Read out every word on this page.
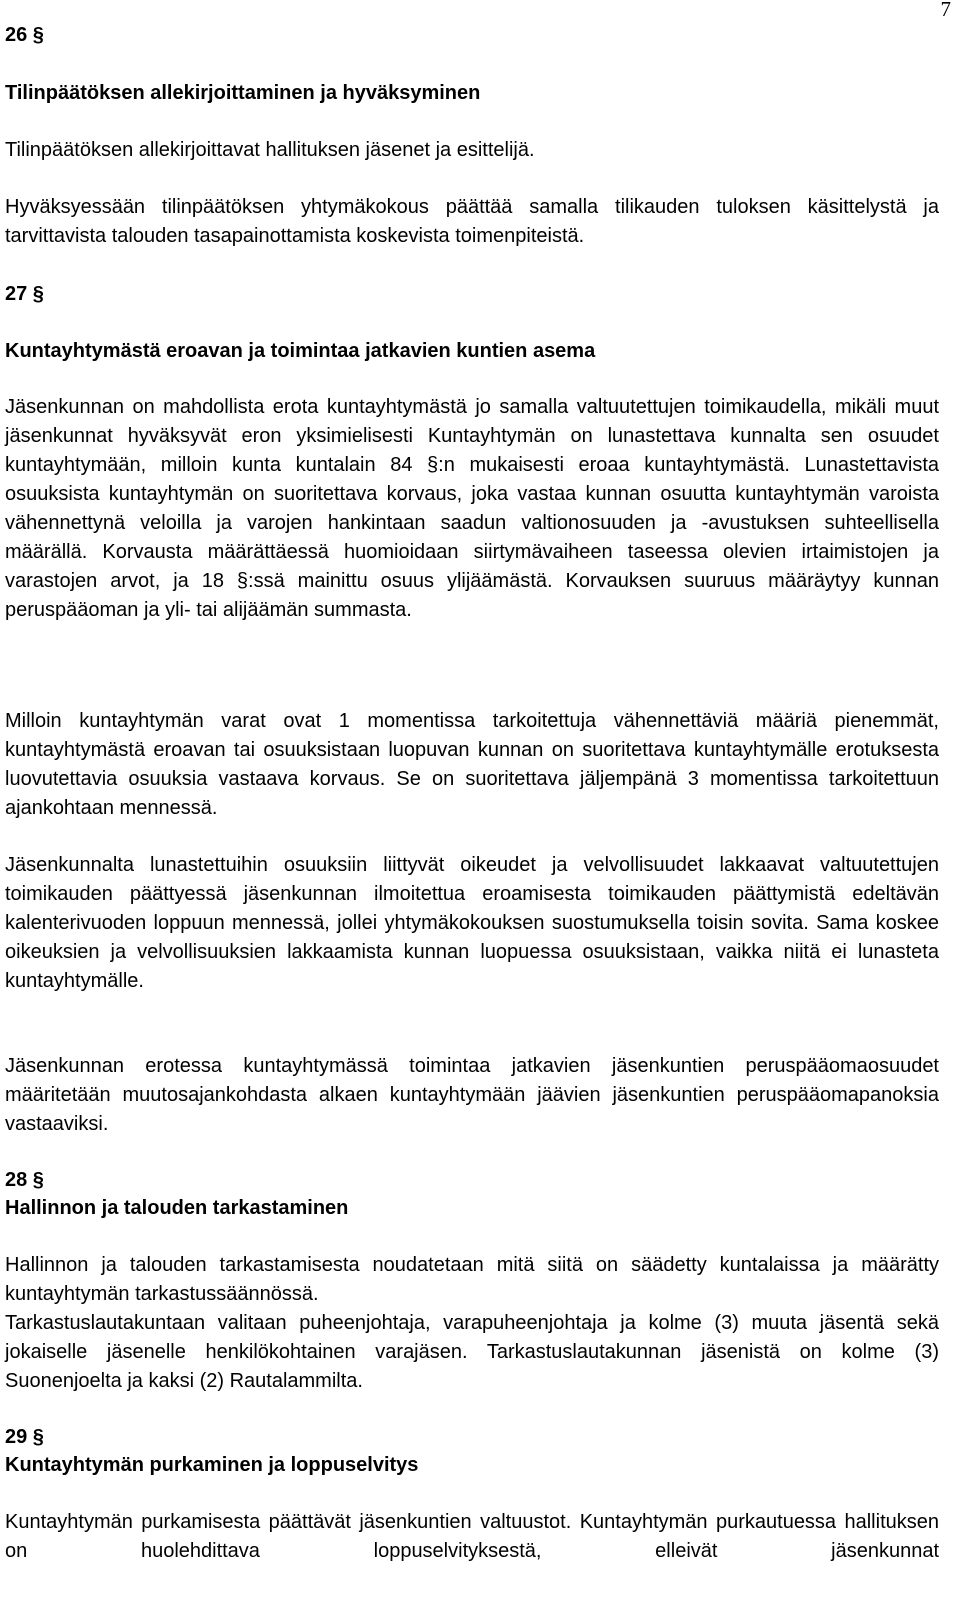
7
26 §
Tilinpäätöksen allekirjoittaminen ja hyväksyminen
Tilinpäätöksen allekirjoittavat hallituksen jäsenet ja esittelijä.
Hyväksyessään tilinpäätöksen yhtymäkokous päättää samalla tilikauden tuloksen käsittelystä ja tarvittavista talouden tasapainottamista koskevista toimenpiteistä.
27 §
Kuntayhtymästä eroavan ja toimintaa jatkavien kuntien asema
Jäsenkunnan on mahdollista erota kuntayhtymästä jo samalla valtuutettujen toimikaudella, mikäli muut jäsenkunnat hyväksyvät eron yksimielisesti Kuntayhtymän on lunastettava kunnalta sen osuudet kuntayhtymään, milloin kunta kuntalain 84 §:n mukaisesti eroaa kuntayhtymästä. Lunastettavista osuuksista kuntayhtymän on suoritettava korvaus, joka vastaa kunnan osuutta kuntayhtymän varoista vähennettynä veloilla ja varojen hankintaan saadun valtionosuuden ja -avustuksen suhteellisella määrällä. Korvausta määrättäessä huomioidaan siirtymävaiheen taseessa olevien irtaimistojen ja varastojen arvot, ja 18 §:ssä mainittu osuus ylijäämästä. Korvauksen suuruus määräytyy kunnan peruspääoman ja yli- tai alijäämän summasta.
Milloin kuntayhtymän varat ovat 1 momentissa tarkoitettuja vähennettäviä määriä pienemmät, kuntayhtymästä eroavan tai osuuksistaan luopuvan kunnan on suoritettava kuntayhtymälle erotuksesta luovutettavia osuuksia vastaava korvaus. Se on suoritettava jäljempänä 3 momentissa tarkoitettuun ajankohtaan mennessä.
Jäsenkunnalta lunastettuihin osuuksiin liittyvät oikeudet ja velvollisuudet lakkaavat valtuutettujen toimikauden päättyessä jäsenkunnan ilmoitettua eroamisesta toimikauden päättymistä edeltävän kalenterivuoden loppuun mennessä, jollei yhtymäkokouksen suostumuksella toisin sovita. Sama koskee oikeuksien ja velvollisuuksien lakkaamista kunnan luopuessa osuuksistaan, vaikka niitä ei lunasteta kuntayhtymälle.
Jäsenkunnan erotessa kuntayhtymässä toimintaa jatkavien jäsenkuntien peruspääomaosuudet määritetään muutosajankohdasta alkaen kuntayhtymään jäävien jäsenkuntien peruspääomapanoksia vastaaviksi.
28 §
Hallinnon ja talouden tarkastaminen
Hallinnon ja talouden tarkastamisesta noudatetaan mitä siitä on säädetty kuntalaissa ja määrätty kuntayhtymän tarkastussäännössä.
Tarkastuslautakuntaan valitaan puheenjohtaja, varapuheenjohtaja ja kolme (3) muuta jäsentä sekä jokaiselle jäsenelle henkilökohtainen varajäsen. Tarkastuslautakunnan jäsenistä on kolme (3) Suonenjoelta ja kaksi (2) Rautalammilta.
29 §
Kuntayhtymän purkaminen ja loppuselvitys
Kuntayhtymän purkamisesta päättävät jäsenkuntien valtuustot. Kuntayhtymän purkautuessa hallituksen on huolehdittava loppuselvityksestä, elleivät jäsenkunnat
